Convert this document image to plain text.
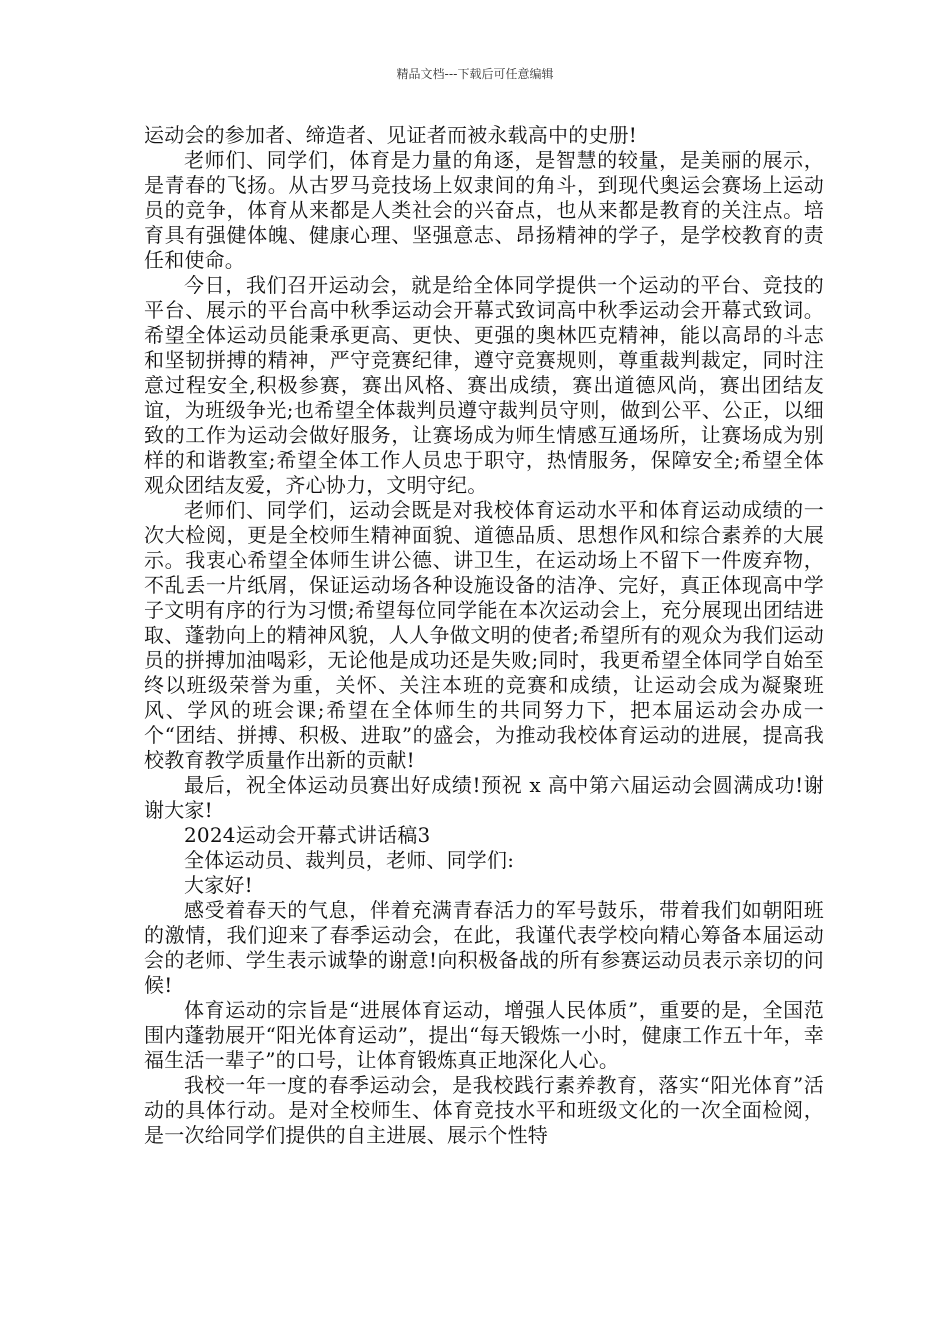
精品文档---下载后可任意编辑

运动会的参加者、缔造者、见证者而被永载高中的史册!

老师们、同学们，体育是力量的角逐，是智慧的较量，是美丽的展示，是青春的飞扬。从古罗马竞技场上奴隶间的角斗，到现代奥运会赛场上运动员的竞争，体育从来都是人类社会的兴奋点，也从来都是教育的关注点。培育具有强健体魄、健康心理、坚强意志、昂扬精神的学子，是学校教育的责任和使命。

今日，我们召开运动会，就是给全体同学提供一个运动的平台、竞技的平台、展示的平台高中秋季运动会开幕式致词高中秋季运动会开幕式致词。希望全体运动员能秉承更高、更快、更强的奥林匹克精神，能以高昂的斗志和坚韧拼搏的精神，严守竞赛纪律，遵守竞赛规则，尊重裁判裁定，同时注意过程安全,积极参赛，赛出风格、赛出成绩，赛出道德风尚，赛出团结友谊，为班级争光;也希望全体裁判员遵守裁判员守则，做到公平、公正，以细致的工作为运动会做好服务，让赛场成为师生情感互通场所，让赛场成为别样的和谐教室;希望全体工作人员忠于职守，热情服务，保障安全;希望全体观众团结友爱，齐心协力，文明守纪。

老师们、同学们，运动会既是对我校体育运动水平和体育运动成绩的一次大检阅，更是全校师生精神面貌、道德品质、思想作风和综合素养的大展示。我衷心希望全体师生讲公德、讲卫生，在运动场上不留下一件废弃物，不乱丢一片纸屑，保证运动场各种设施设备的洁净、完好，真正体现高中学子文明有序的行为习惯;希望每位同学能在本次运动会上，充分展现出团结进取、蓬勃向上的精神风貌，人人争做文明的使者;希望所有的观众为我们运动员的拼搏加油喝彩，无论他是成功还是失败;同时，我更希望全体同学自始至终以班级荣誉为重，关怀、关注本班的竞赛和成绩，让运动会成为凝聚班风、学风的班会课;希望在全体师生的共同努力下，把本届运动会办成一个“团结、拼搏、积极、进取”的盛会，为推动我校体育运动的进展，提高我校教育教学质量作出新的贡献!

最后，祝全体运动员赛出好成绩!预祝 x 高中第六届运动会圆满成功!谢谢大家!

2024运动会开幕式讲话稿3

全体运动员、裁判员，老师、同学们:

大家好!

感受着春天的气息，伴着充满青春活力的军号鼓乐，带着我们如朝阳班的激情，我们迎来了春季运动会，在此，我谨代表学校向精心筹备本届运动会的老师、学生表示诚挚的谢意!向积极备战的所有参赛运动员表示亲切的问候!

体育运动的宗旨是“进展体育运动，增强人民体质”，重要的是，全国范围内蓬勃展开“阳光体育运动”，提出“每天锻炼一小时，健康工作五十年，幸福生活一辈子”的口号，让体育锻炼真正地深化人心。

我校一年一度的春季运动会，是我校践行素养教育，落实“阳光体育”活动的具体行动。是对全校师生、体育竞技水平和班级文化的一次全面检阅，是一次给同学们提供的自主进展、展示个性特
